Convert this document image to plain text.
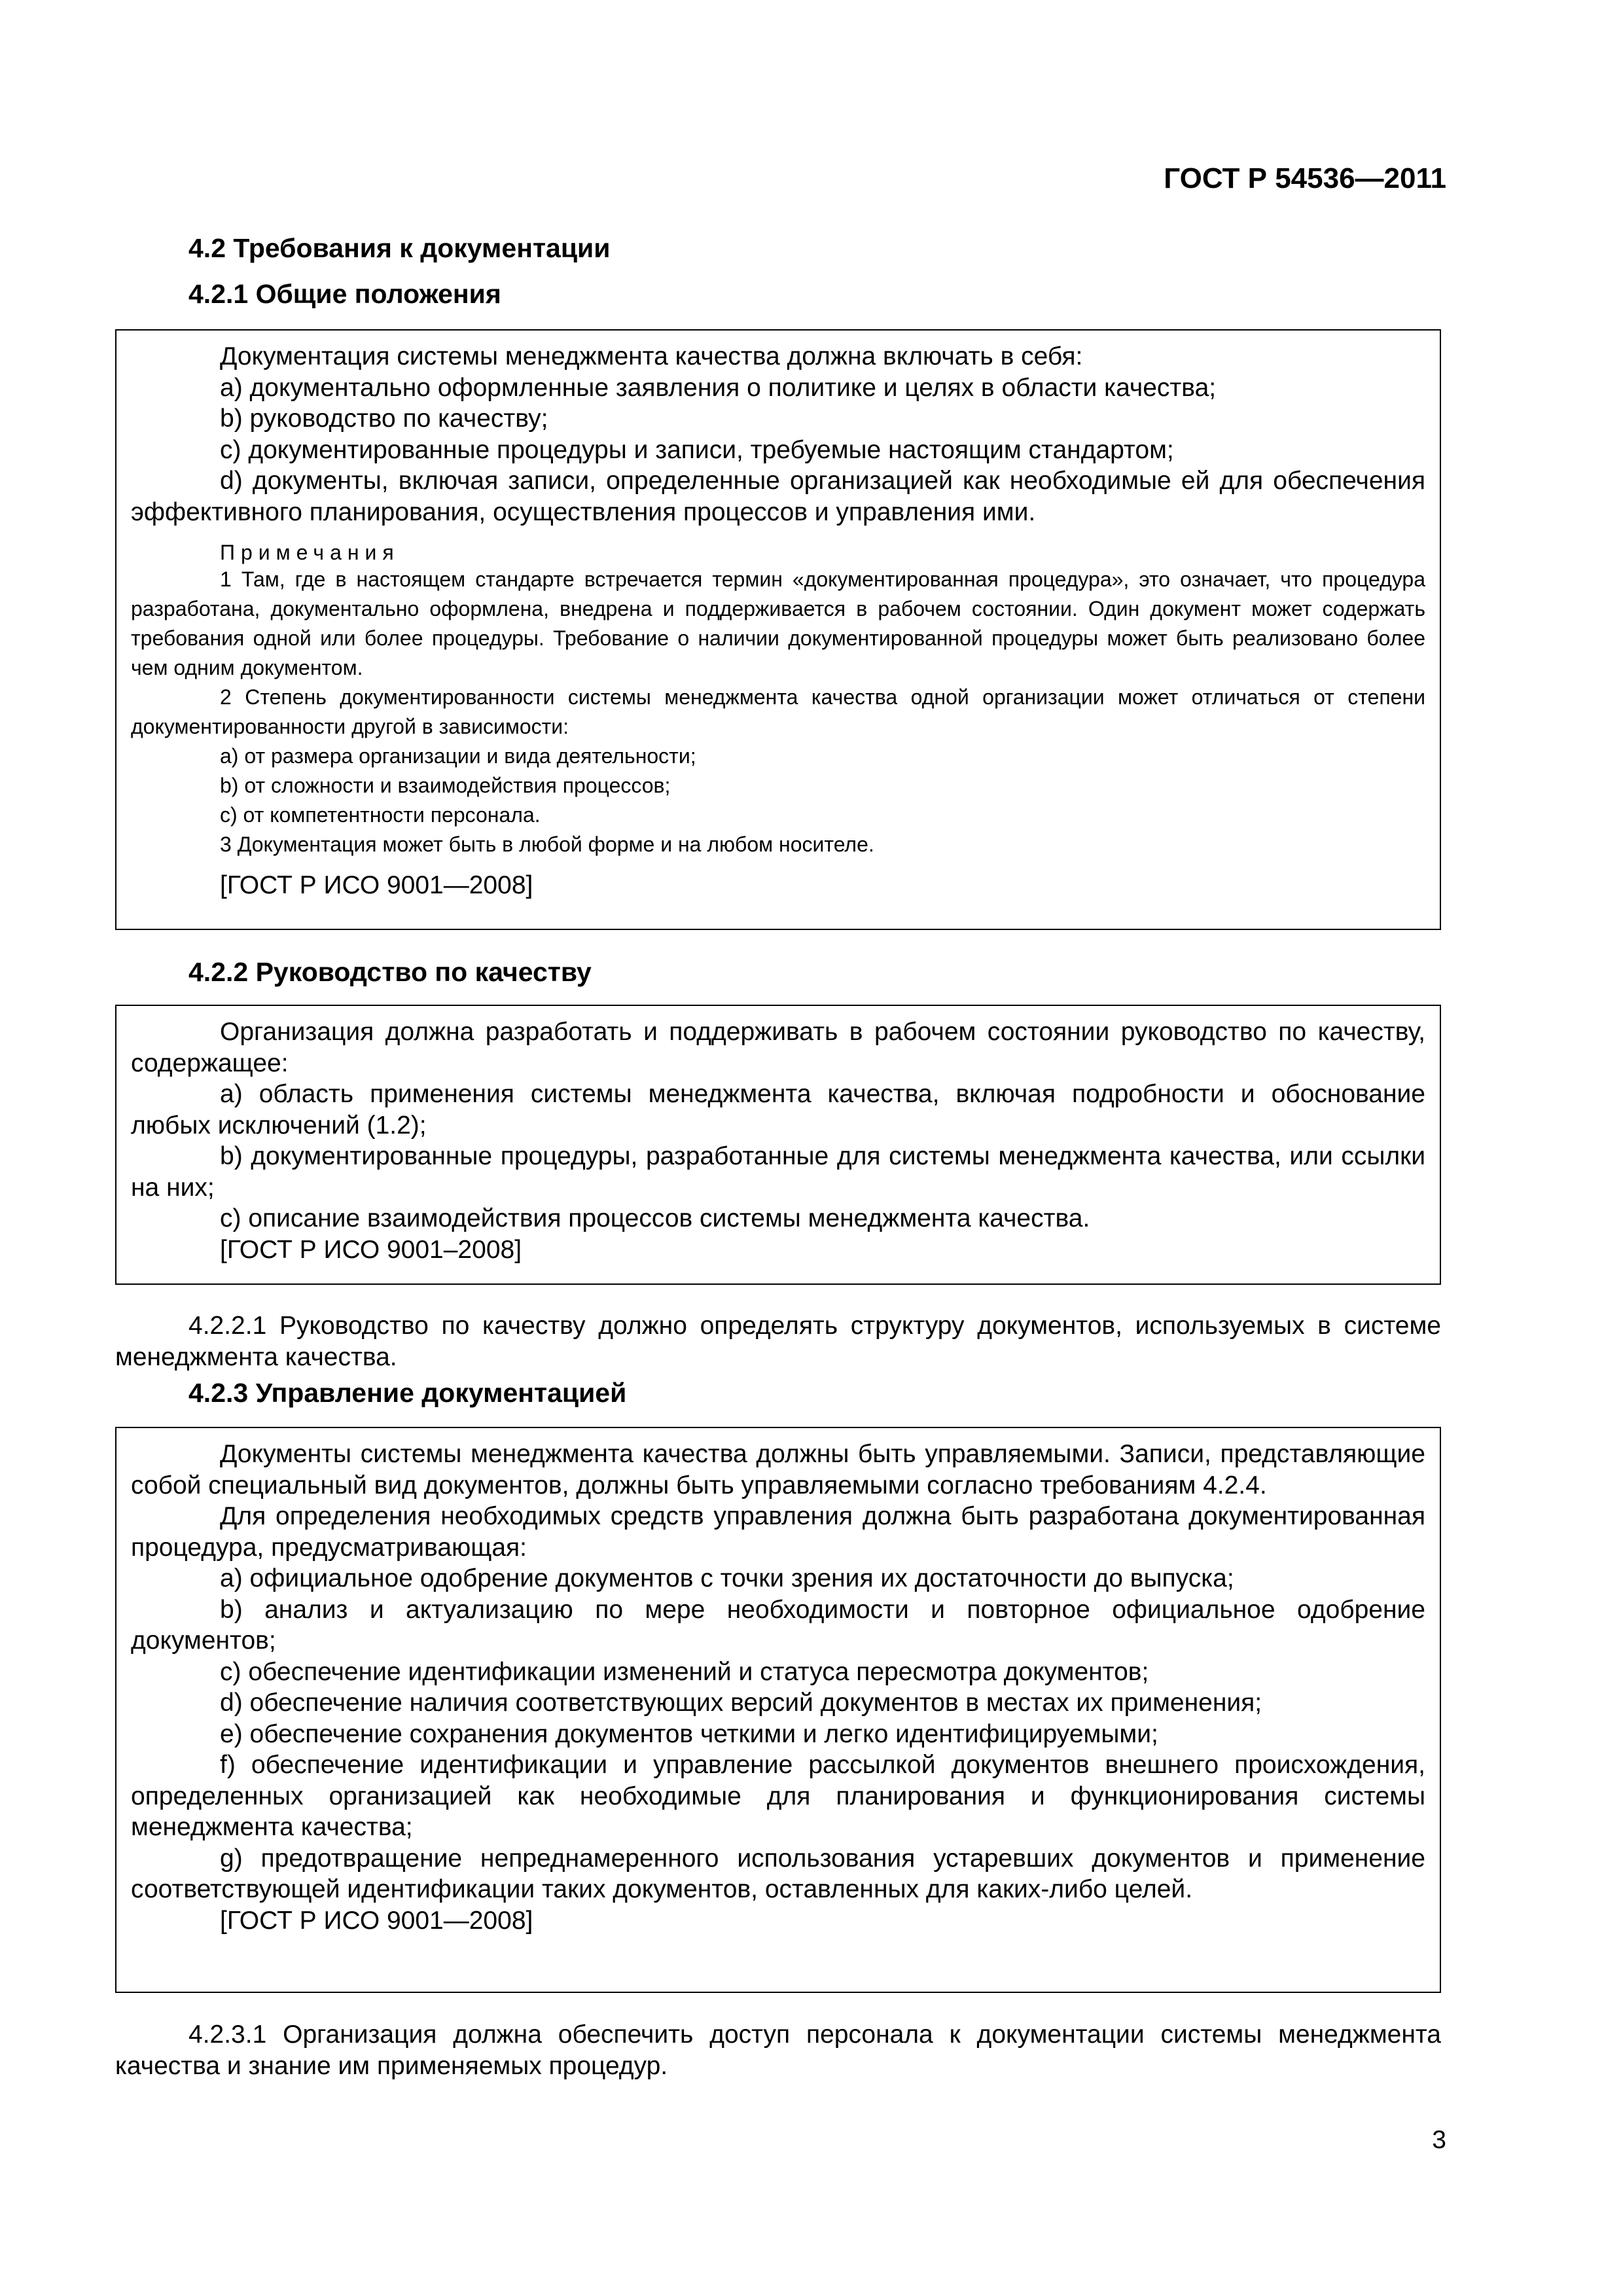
ГОСТ Р 54536—2011
4.2 Требования к документации
4.2.1 Общие положения

Документация системы менеджмента качества должна включать в себя:

a) документально оформленные заявления о политике и целях в области качества;

b) руководство по качеству;

c) документированные процедуры и записи, требуемые настоящим стандартом;

d) документы, включая записи, определенные организацией как необходимые ей для обеспечения эффективного планирования, осуществления процессов и управления ими.

Примечания

1 Там, где в настоящем стандарте встречается термин «документированная процедура», это означает, что процедура разработана, документально оформлена, внедрена и поддерживается в рабочем состоянии. Один документ может содержать требования одной или более процедуры. Требование о наличии документированной процедуры может быть реализовано более чем одним документом.

2 Степень документированности системы менеджмента качества одной организации может отличаться от степени документированности другой в зависимости:

a) от размера организации и вида деятельности;

b) от сложности и взаимодействия процессов;

c) от компетентности персонала.

3 Документация может быть в любой форме и на любом носителе.

[ГОСТ Р ИСО 9001—2008]

4.2.2 Руководство по качеству

Организация должна разработать и поддерживать в рабочем состоянии руководство по качеству, содержащее:

a) область применения системы менеджмента качества, включая подробности и обоснование любых исключений (1.2);

b) документированные процедуры, разработанные для системы менеджмента качества, или ссылки на них;

c) описание взаимодействия процессов системы менеджмента качества.

[ГОСТ Р ИСО 9001–2008]

4.2.2.1 Руководство по качеству должно определять структуру документов, используемых в системе менеджмента качества.

4.2.3 Управление документацией

Документы системы менеджмента качества должны быть управляемыми. Записи, представляющие собой специальный вид документов, должны быть управляемыми согласно требованиям 4.2.4.

Для определения необходимых средств управления должна быть разработана документированная процедура, предусматривающая:

a) официальное одобрение документов с точки зрения их достаточности до выпуска;

b) анализ и актуализацию по мере необходимости и повторное официальное одобрение документов;

c) обеспечение идентификации изменений и статуса пересмотра документов;

d) обеспечение наличия соответствующих версий документов в местах их применения;

e) обеспечение сохранения документов четкими и легко идентифицируемыми;

f) обеспечение идентификации и управление рассылкой документов внешнего происхождения, определенных организацией как необходимые для планирования и функционирования системы менеджмента качества;

g) предотвращение непреднамеренного использования устаревших документов и применение соответствующей идентификации таких документов, оставленных для каких-либо целей.

[ГОСТ Р ИСО 9001—2008]

4.2.3.1 Организация должна обеспечить доступ персонала к документации системы менеджмента качества и знание им применяемых процедур.

3
